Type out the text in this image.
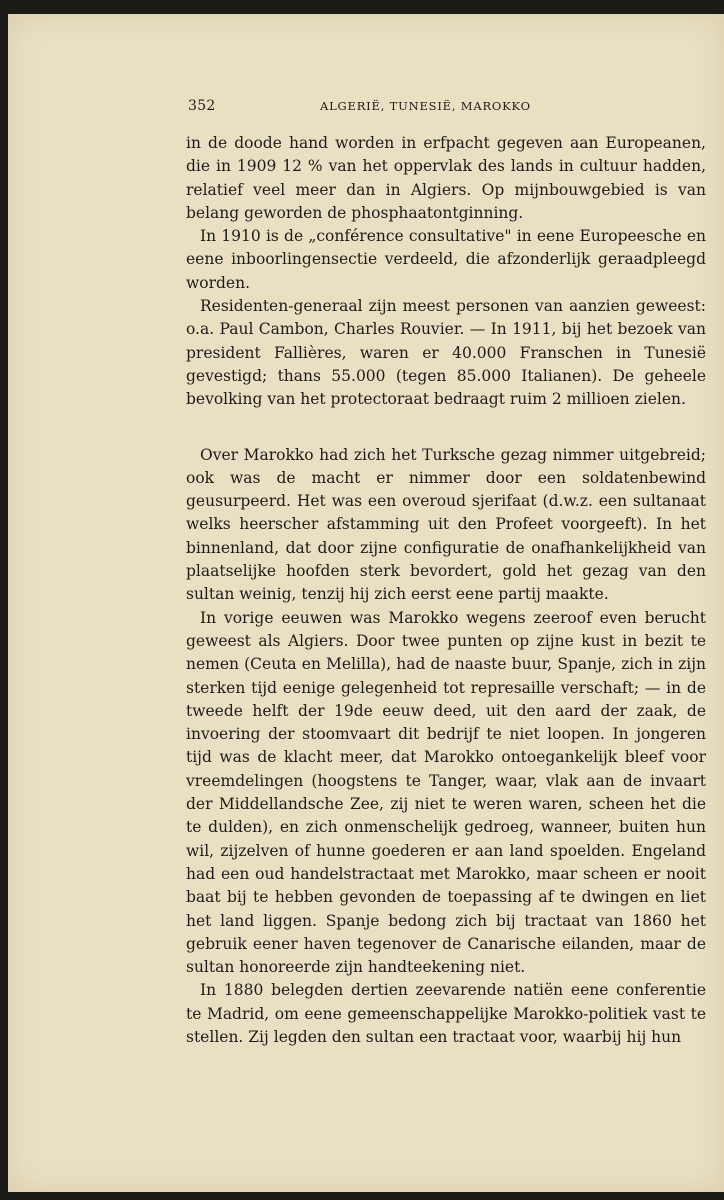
352	ALGERIË, TUNESIË, MAROKKO

in de doode hand worden in erfpacht gegeven aan Europeanen, die in 1909 12 % van het oppervlak des lands in cultuur hadden, relatief veel meer dan in Algiers. Op mijnbouwgebied is van belang geworden de phosphaatontginning.

In 1910 is de „conférence consultative" in eene Europeesche en eene inboorlingensectie verdeeld, die afzonderlijk geraadpleegd worden.

Residenten-generaal zijn meest personen van aanzien geweest: o.a. Paul Cambon, Charles Rouvier. — In 1911, bij het bezoek van president Fallières, waren er 40.000 Franschen in Tunesië gevestigd; thans 55.000 (tegen 85.000 Italianen). De geheele bevolking van het protectoraat bedraagt ruim 2 millioen zielen.

Over Marokko had zich het Turksche gezag nimmer uitgebreid; ook was de macht er nimmer door een soldatenbewind geusurpeerd. Het was een overoud sjerifaat (d.w.z. een sultanaat welks heerscher afstamming uit den Profeet voorgeeft). In het binnenland, dat door zijne configuratie de onafhankelijkheid van plaatselijke hoofden sterk bevordert, gold het gezag van den sultan weinig, tenzij hij zich eerst eene partij maakte.

In vorige eeuwen was Marokko wegens zeeroof even berucht geweest als Algiers. Door twee punten op zijne kust in bezit te nemen (Ceuta en Melilla), had de naaste buur, Spanje, zich in zijn sterken tijd eenige gelegenheid tot represaille verschaft; — in de tweede helft der 19de eeuw deed, uit den aard der zaak, de invoering der stoomvaart dit bedrijf te niet loopen. In jongeren tijd was de klacht meer, dat Marokko ontoegankelijk bleef voor vreemdelingen (hoogstens te Tanger, waar, vlak aan de invaart der Middellandsche Zee, zij niet te weren waren, scheen het die te dulden), en zich onmenschelijk gedroeg, wanneer, buiten hun wil, zijzelven of hunne goederen er aan land spoelden. Engeland had een oud handelstractaat met Marokko, maar scheen er nooit baat bij te hebben gevonden de toepassing af te dwingen en liet het land liggen. Spanje bedong zich bij tractaat van 1860 het gebruik eener haven tegenover de Canarische eilanden, maar de sultan honoreerde zijn handteekening niet.

In 1880 belegden dertien zeevarende natiën eene conferentie te Madrid, om eene gemeenschappelijke Marokko-politiek vast te stellen. Zij legden den sultan een tractaat voor, waarbij hij hun
